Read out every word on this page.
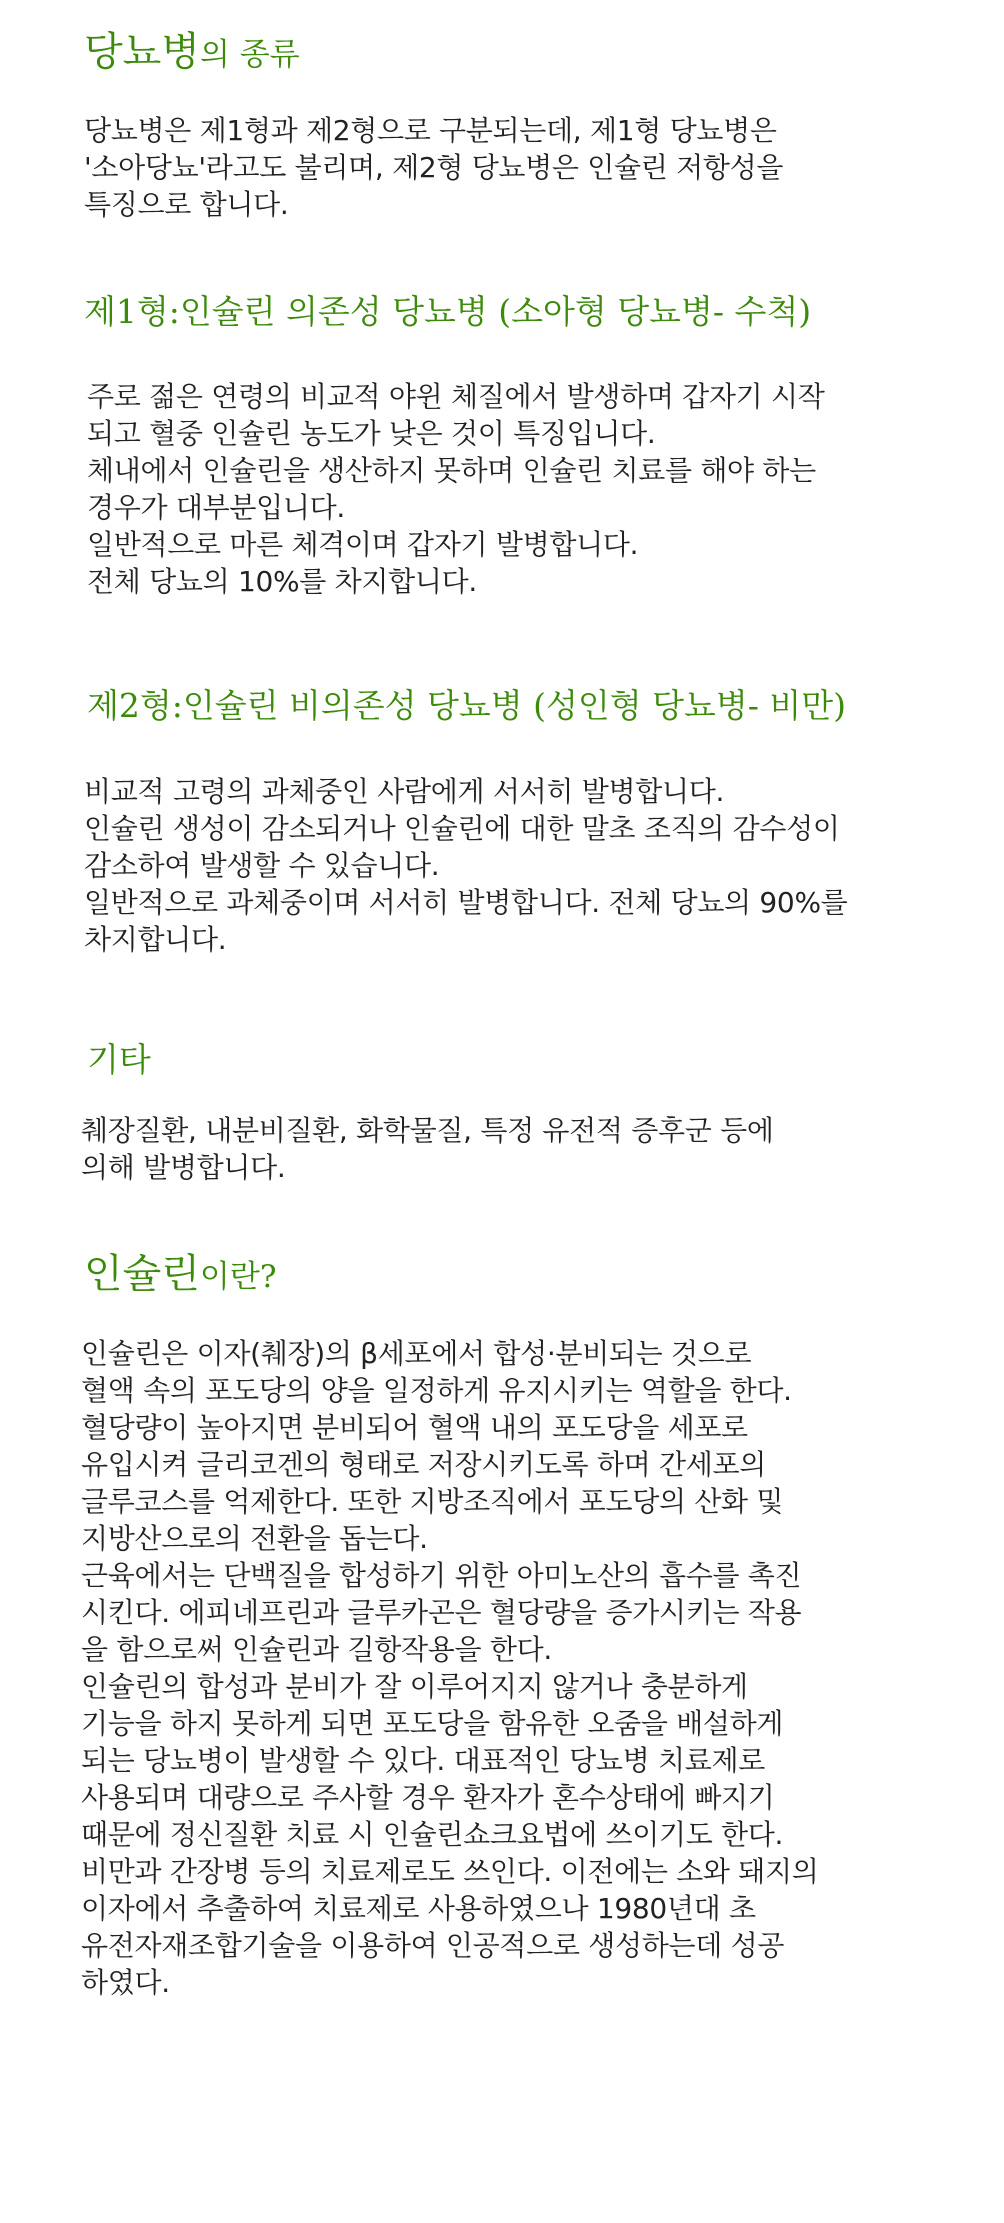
당뇨병의 종류
당뇨병은 제1형과 제2형으로 구분되는데, 제1형 당뇨병은
'소아당뇨'라고도 불리며, 제2형 당뇨병은 인슐린 저항성을
특징으로 합니다.
제1형:인슐린 의존성 당뇨병 (소아형 당뇨병- 수척)
주로 젊은 연령의 비교적 야윈 체질에서 발생하며 갑자기 시작
되고 혈중 인슐린 농도가 낮은 것이 특징입니다.
체내에서 인슐린을 생산하지 못하며 인슐린 치료를 해야 하는
경우가 대부분입니다.
일반적으로 마른 체격이며 갑자기 발병합니다.
전체 당뇨의 10%를 차지합니다.
제2형:인슐린 비의존성 당뇨병 (성인형 당뇨병- 비만)
비교적 고령의 과체중인 사람에게 서서히 발병합니다.
인슐린 생성이 감소되거나 인슐린에 대한 말초 조직의 감수성이
감소하여 발생할 수 있습니다.
일반적으로 과체중이며 서서히 발병합니다. 전체 당뇨의 90%를
차지합니다.
기타
췌장질환, 내분비질환, 화학물질, 특정 유전적 증후군 등에
의해 발병합니다.
인슐린이란?
인슐린은 이자(췌장)의 β세포에서 합성·분비되는 것으로
혈액 속의 포도당의 양을 일정하게 유지시키는 역할을 한다.
혈당량이 높아지면 분비되어 혈액 내의 포도당을 세포로
유입시켜 글리코겐의 형태로 저장시키도록 하며 간세포의
글루코스를 억제한다. 또한 지방조직에서 포도당의 산화 및
지방산으로의 전환을 돕는다.
근육에서는 단백질을 합성하기 위한 아미노산의 흡수를 촉진
시킨다. 에피네프린과 글루카곤은 혈당량을 증가시키는 작용
을 함으로써 인슐린과 길항작용을 한다.
인슐린의 합성과 분비가 잘 이루어지지 않거나 충분하게
기능을 하지 못하게 되면 포도당을 함유한 오줌을 배설하게
되는 당뇨병이 발생할 수 있다. 대표적인 당뇨병 치료제로
사용되며 대량으로 주사할 경우 환자가 혼수상태에 빠지기
때문에 정신질환 치료 시 인슐린쇼크요법에 쓰이기도 한다.
비만과 간장병 등의 치료제로도 쓰인다. 이전에는 소와 돼지의
이자에서 추출하여 치료제로 사용하였으나 1980년대 초
유전자재조합기술을 이용하여 인공적으로 생성하는데 성공
하였다.
